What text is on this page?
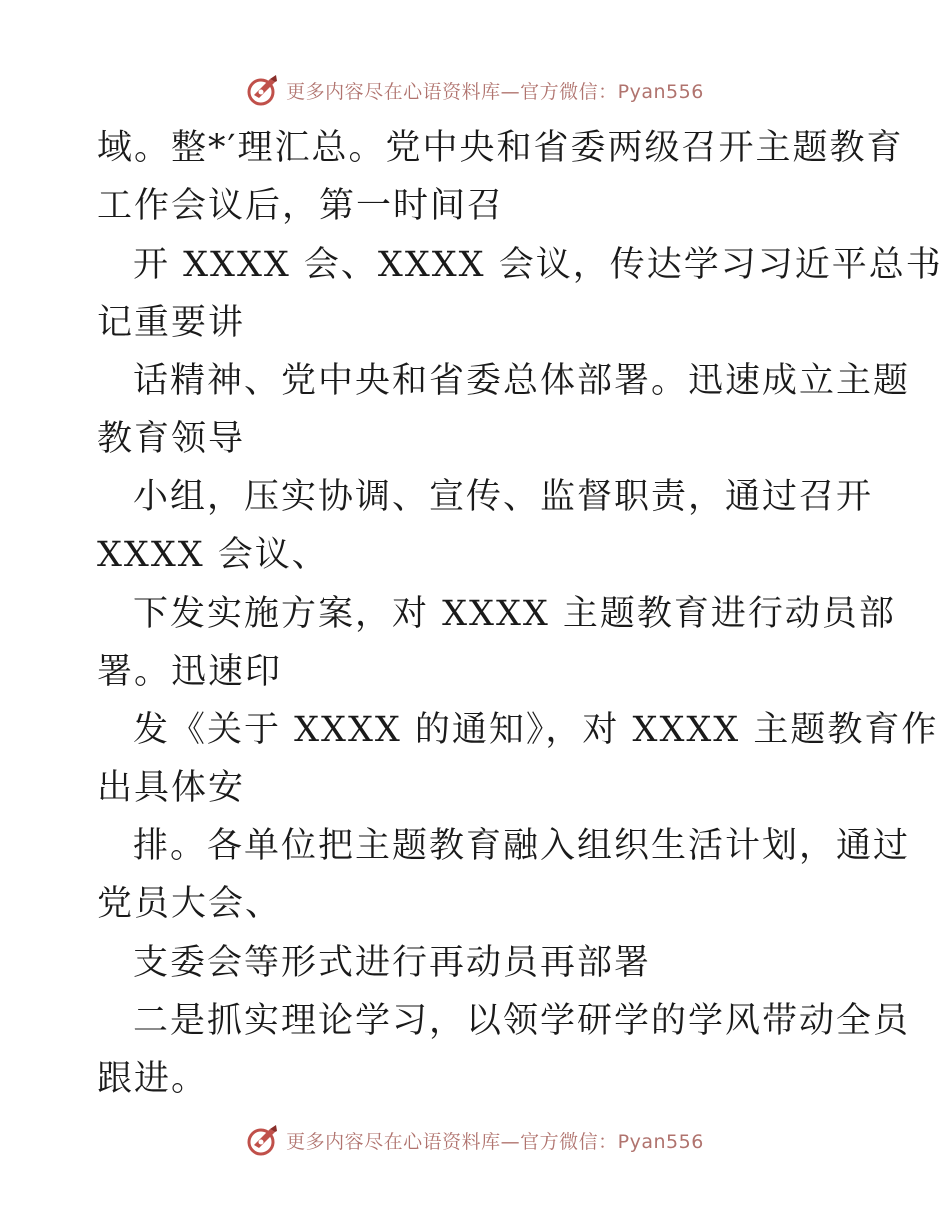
更多内容尽在心语资料库—官方微信：Pyan556
域。整*′理汇总。党中央和省委两级召开主题教育
工作会议后，第一时间召
开 XXXX 会、XXXX 会议，传达学习习近平总书
记重要讲
话精神、党中央和省委总体部署。迅速成立主题
教育领导
小组，压实协调、宣传、监督职责，通过召开
XXXX 会议、
下发实施方案，对 XXXX 主题教育进行动员部
署。迅速印
发《关于 XXXX 的通知》，对 XXXX 主题教育作
出具体安
排。各单位把主题教育融入组织生活计划，通过
党员大会、
支委会等形式进行再动员再部署
二是抓实理论学习，以领学研学的学风带动全员
跟进。
更多内容尽在心语资料库—官方微信：Pyan556
